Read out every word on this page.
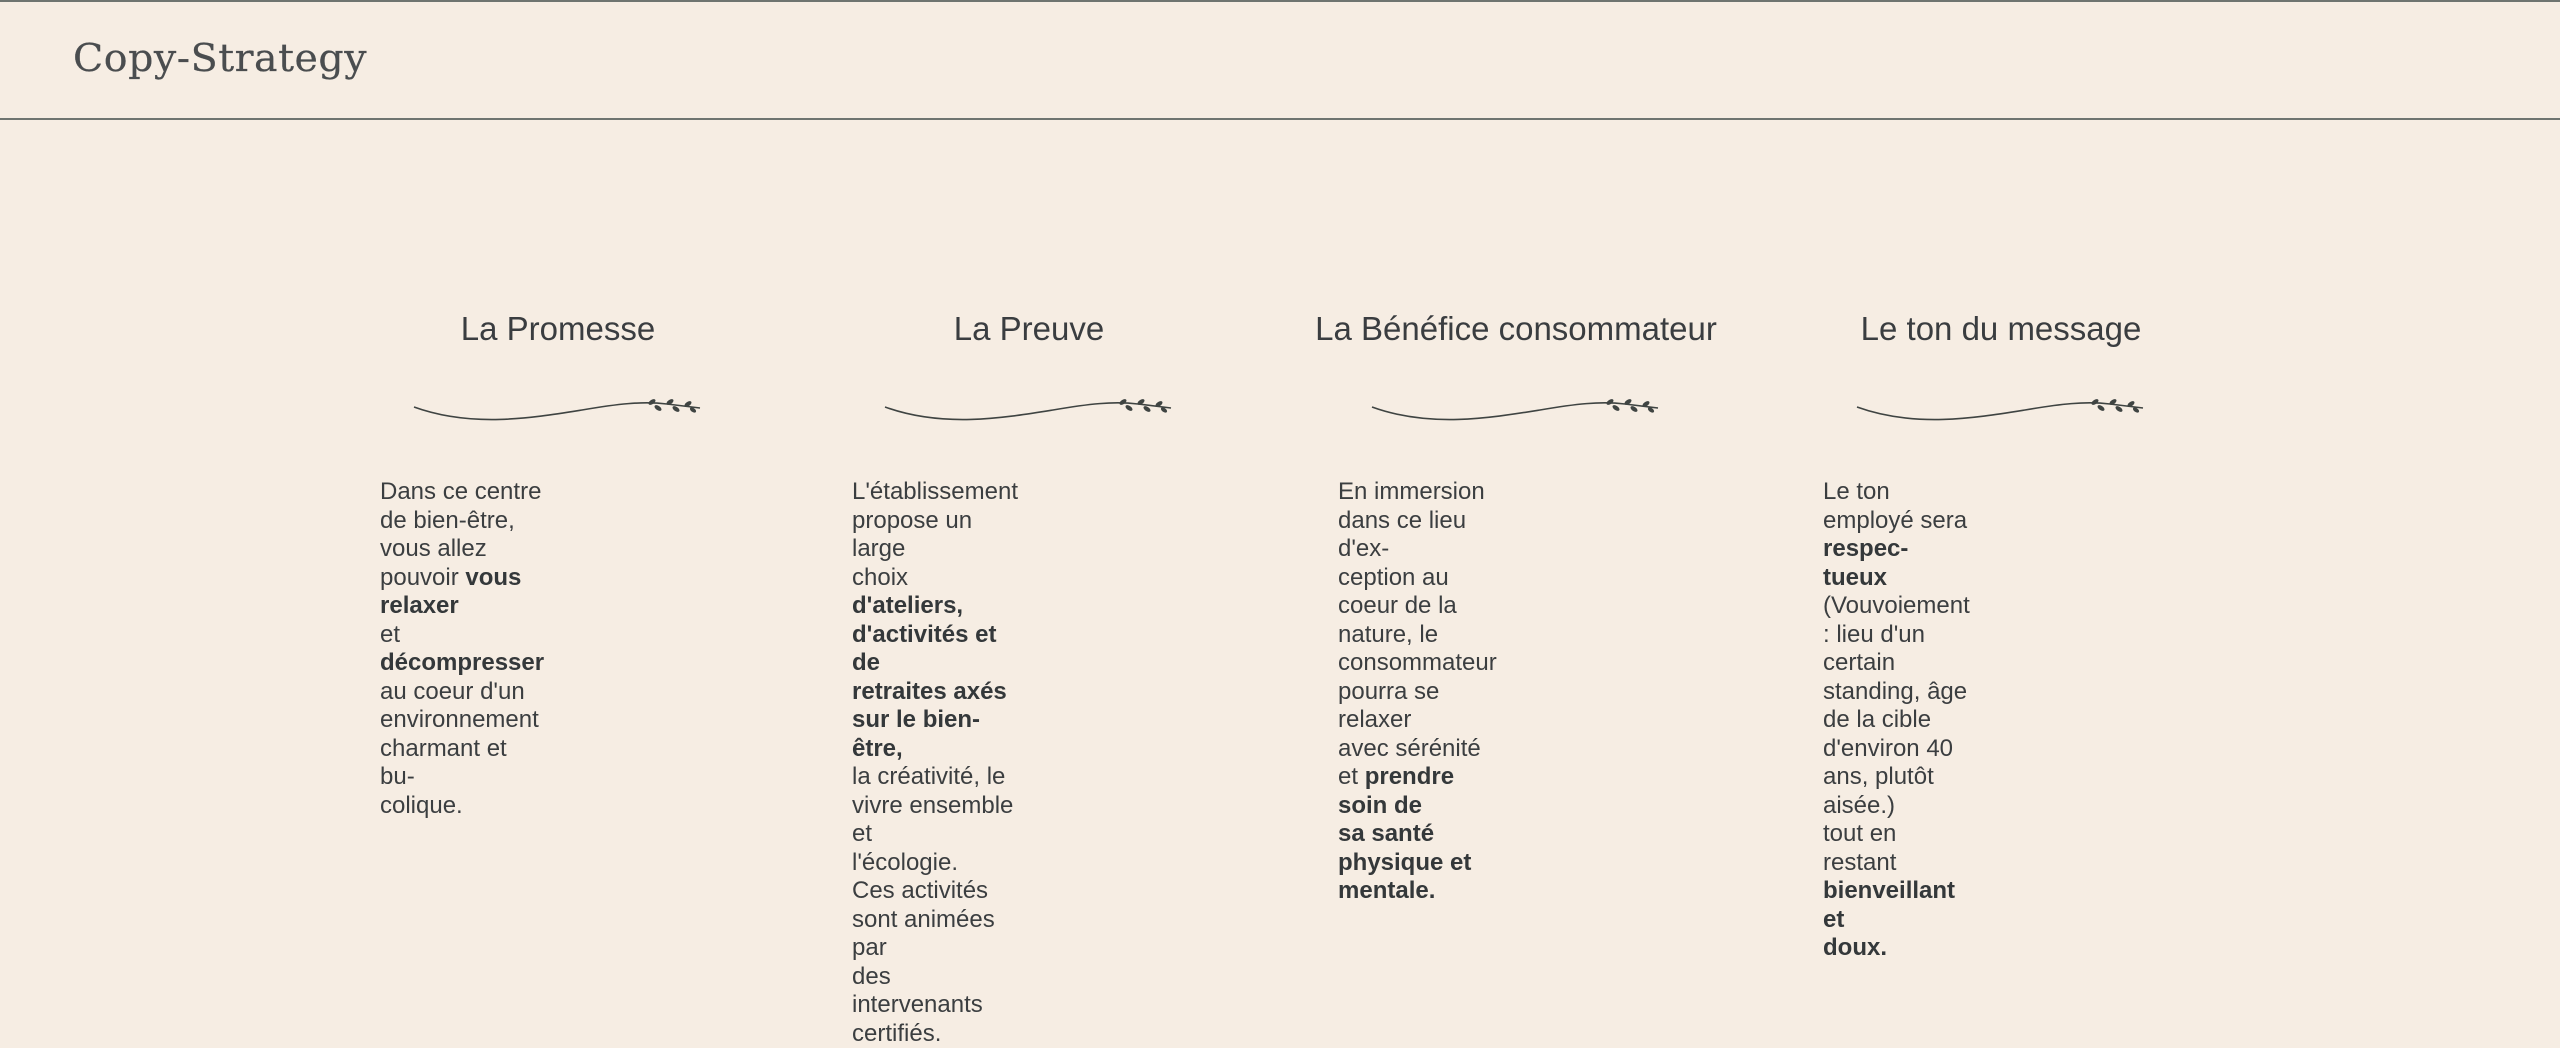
Copy-Strategy
La Promesse
Dans ce centre de bien-être,
vous allez pouvoir vous relaxer
et décompresser au coeur d'un
environnement charmant et bu-
colique.
La Preuve
L'établissement propose un large
choix d'ateliers, d'activités et de
retraites axés sur le bien-être,
la créativité, le vivre ensemble et
l'écologie.
Ces activités sont animées par
des intervenants certifiés.
La Bénéfice consommateur
En immersion dans ce lieu d'ex-
ception au coeur de la nature, le
consommateur pourra se relaxer
avec sérénité et prendre soin de
sa santé physique et mentale.
Le ton du message
Le ton employé sera respec-
tueux (Vouvoiement : lieu d'un
certain standing, âge de la cible
d'environ 40 ans, plutôt aisée.)
tout en restant bienveillant et
doux.
